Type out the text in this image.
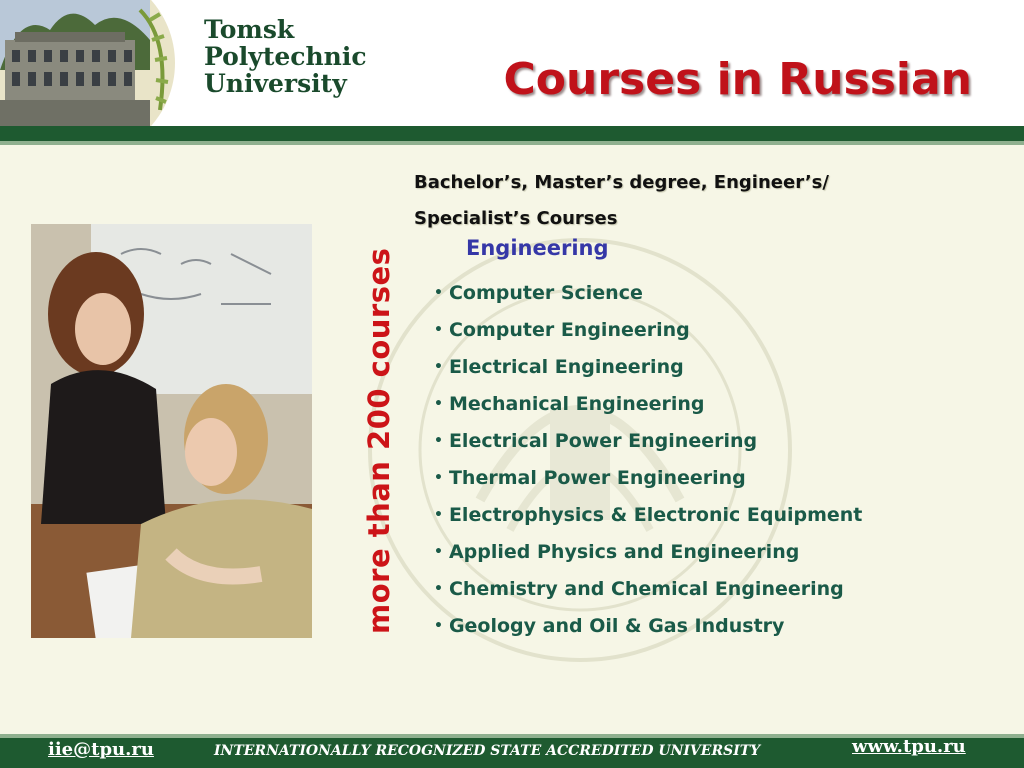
Tomsk
Polytechnic
University	Courses in Russian
more than 200 courses
Bachelor’s, Master’s degree, Engineer’s/
Specialist’s Courses
Engineering
• Computer Science
• Computer Engineering
• Electrical Engineering
• Mechanical Engineering
• Electrical Power Engineering
• Thermal Power Engineering
• Electrophysics & Electronic Equipment
• Applied Physics and Engineering
• Chemistry and Chemical Engineering
• Geology and Oil & Gas Industry
iie@tpu.ru	INTERNATIONALLY RECOGNIZED STATE ACCREDITED UNIVERSITY	www.tpu.ru
